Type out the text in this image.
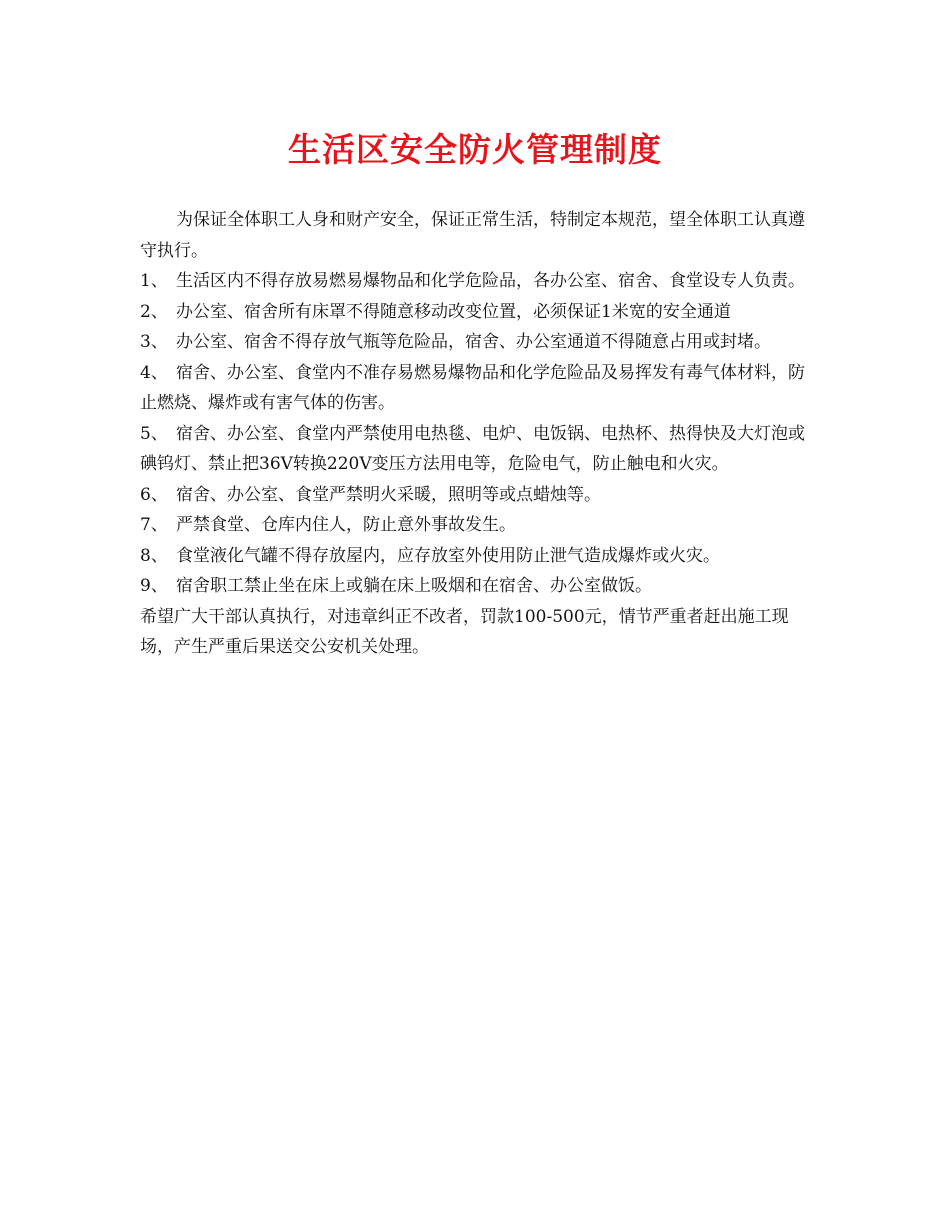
生活区安全防火管理制度

为保证全体职工人身和财产安全，保证正常生活，特制定本规范，望全体职工认真遵守执行。

1、 生活区内不得存放易燃易爆物品和化学危险品，各办公室、宿舍、食堂设专人负责。

2、 办公室、宿舍所有床罩不得随意移动改变位置，必须保证1米宽的安全通道

3、 办公室、宿舍不得存放气瓶等危险品，宿舍、办公室通道不得随意占用或封堵。

4、 宿舍、办公室、食堂内不准存易燃易爆物品和化学危险品及易挥发有毒气体材料，防止燃烧、爆炸或有害气体的伤害。

5、 宿舍、办公室、食堂内严禁使用电热毯、电炉、电饭锅、电热杯、热得快及大灯泡或碘钨灯、禁止把36V转换220V变压方法用电等，危险电气，防止触电和火灾。

6、 宿舍、办公室、食堂严禁明火采暖，照明等或点蜡烛等。

7、 严禁食堂、仓库内住人，防止意外事故发生。

8、 食堂液化气罐不得存放屋内，应存放室外使用防止泄气造成爆炸或火灾。

9、 宿舍职工禁止坐在床上或躺在床上吸烟和在宿舍、办公室做饭。

希望广大干部认真执行，对违章纠正不改者，罚款100-500元，情节严重者赶出施工现场，产生严重后果送交公安机关处理。
